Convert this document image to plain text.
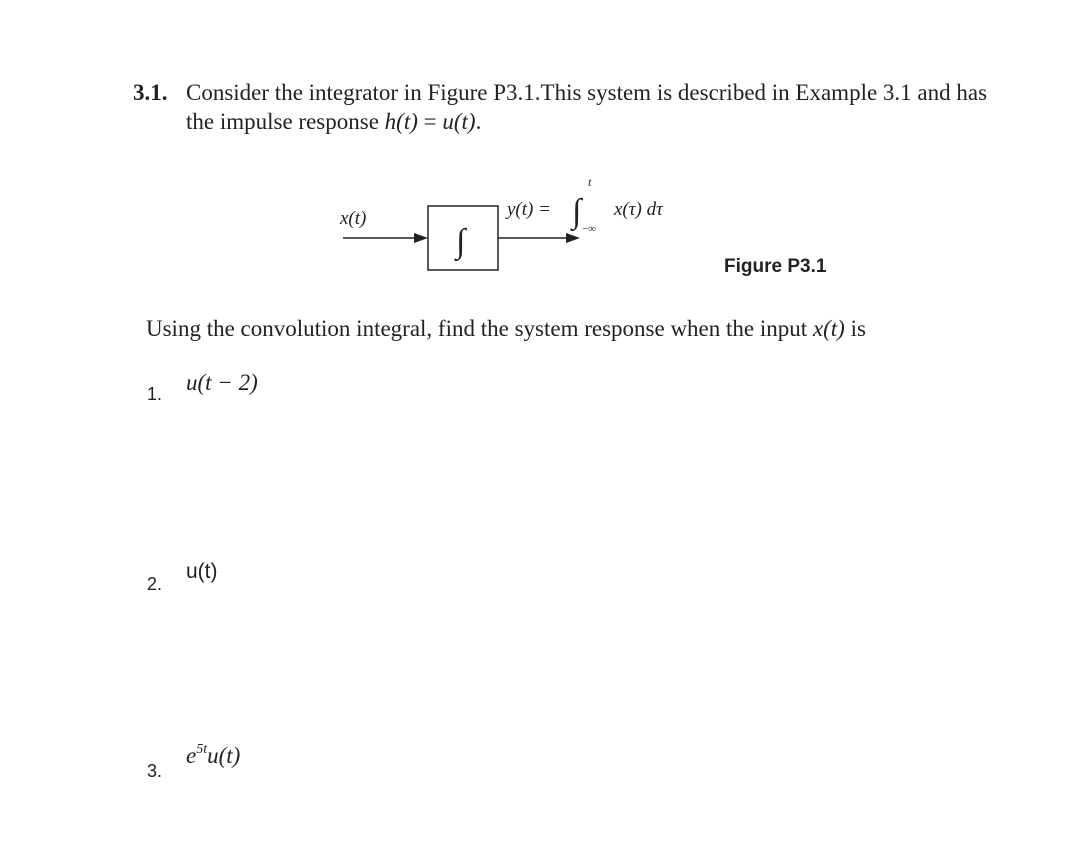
3.1. Consider the integrator in Figure P3.1.This system is described in Example 3.1 and has
the impulse response h(t) = u(t).
∫
x(t)	y(t) = ∫
t
−∞
x(τ) dτ
Figure P3.1
Using the convolution integral, find the system response when the input x(t) is
1. u(t − 2)
2.
u(t)
3.
$e^{5t}u(t)$
